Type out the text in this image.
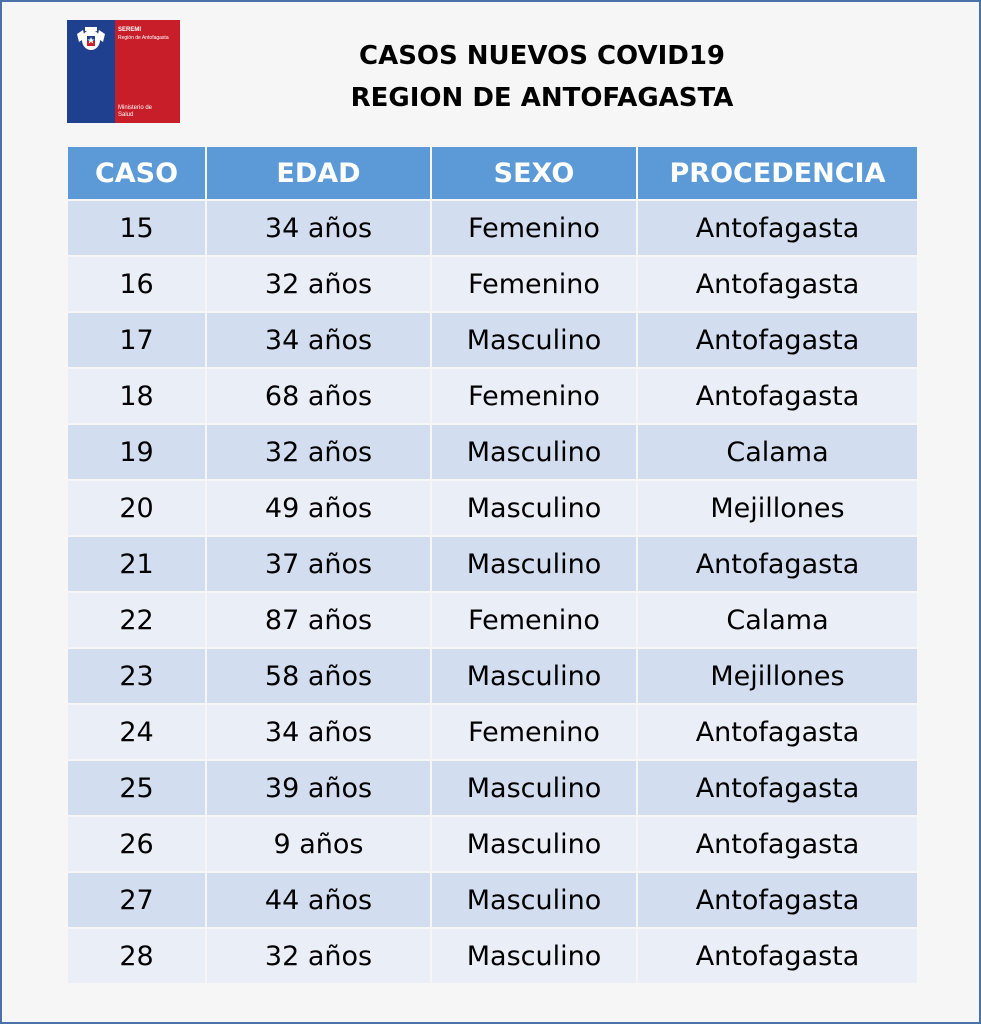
SEREMI
Región de Antofagasta
Ministerio de
Salud
CASOS NUEVOS COVID19
REGION DE ANTOFAGASTA
CASO	EDAD	SEXO	PROCEDENCIA
15	34 años	Femenino	Antofagasta
16	32 años	Femenino	Antofagasta
17	34 años	Masculino	Antofagasta
18	68 años	Femenino	Antofagasta
19	32 años	Masculino	Calama
20	49 años	Masculino	Mejillones
21	37 años	Masculino	Antofagasta
22	87 años	Femenino	Calama
23	58 años	Masculino	Mejillones
24	34 años	Femenino	Antofagasta
25	39 años	Masculino	Antofagasta
26	9 años	Masculino	Antofagasta
27	44 años	Masculino	Antofagasta
28	32 años	Masculino	Antofagasta
